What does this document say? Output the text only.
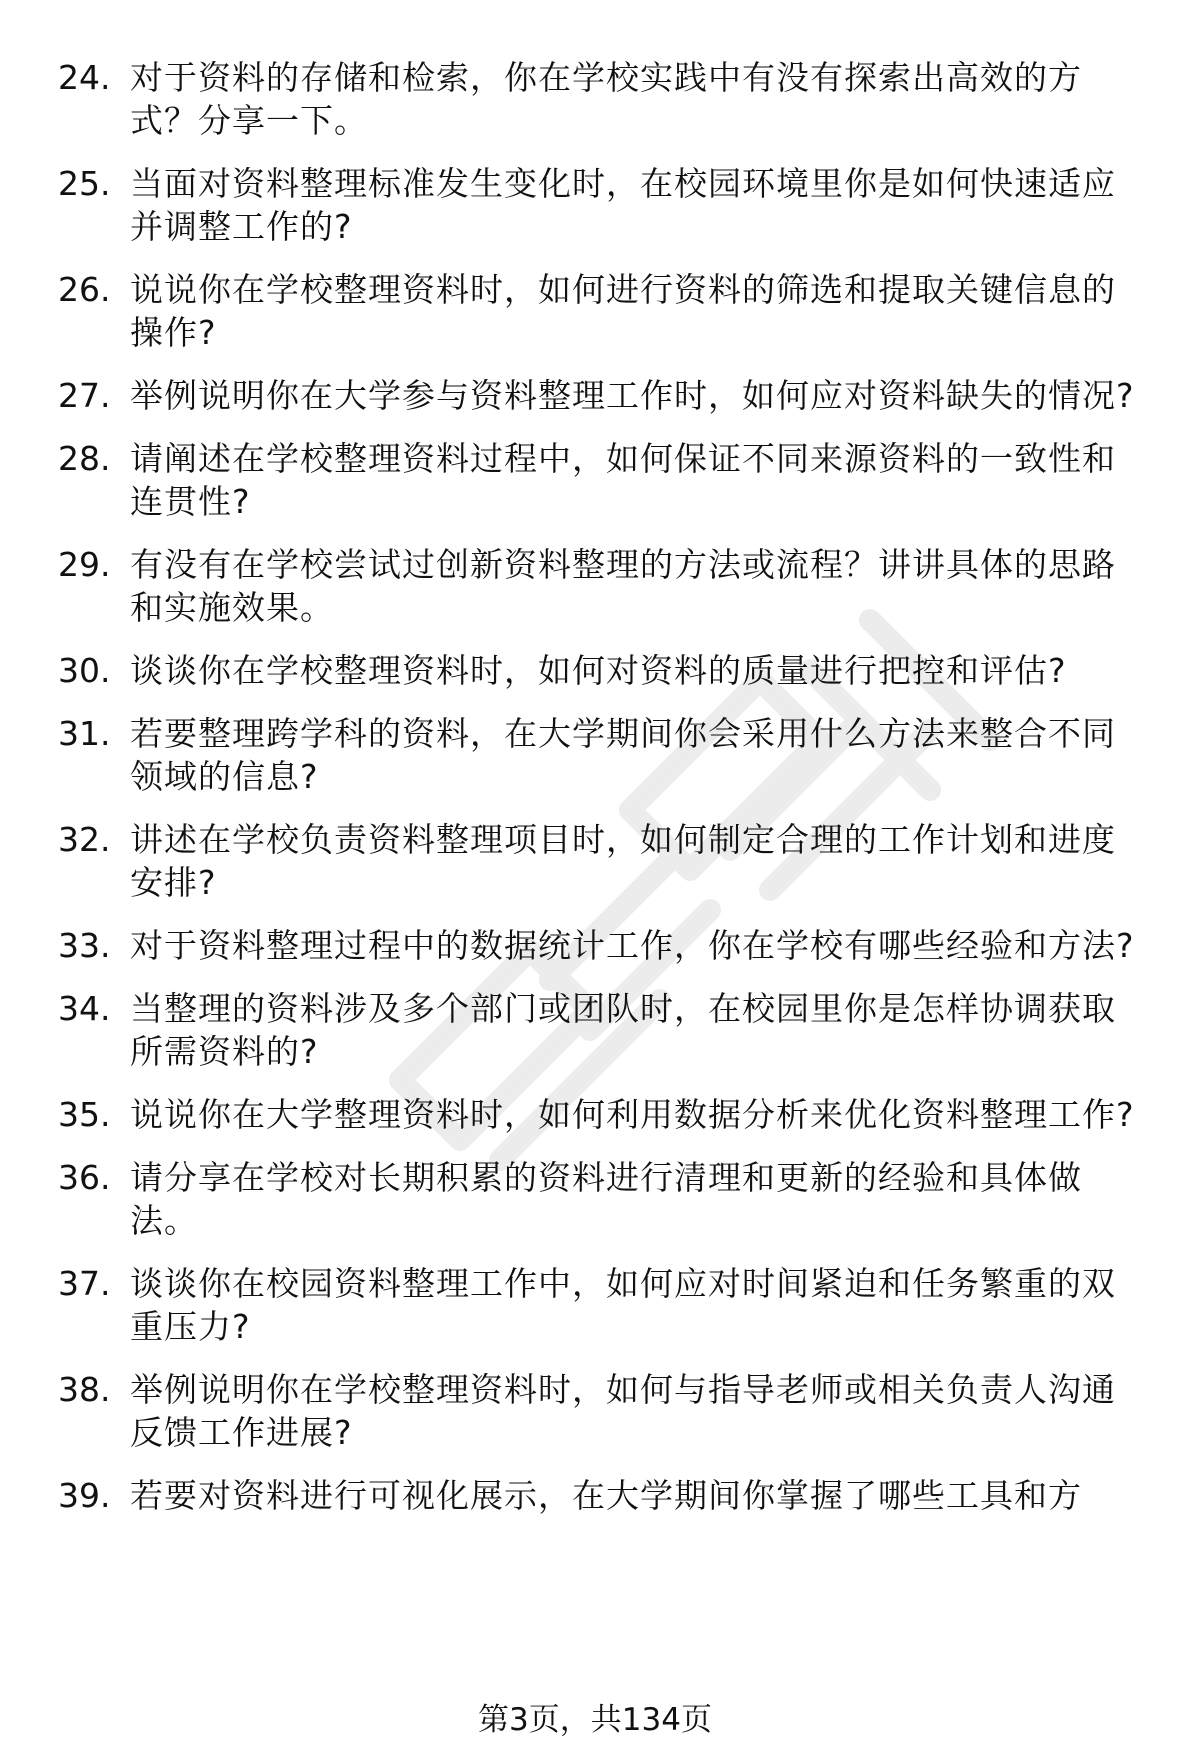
24. 对于资料的存储和检索，你在学校实践中有没有探索出高效的方式？分享一下。
25. 当面对资料整理标准发生变化时，在校园环境里你是如何快速适应并调整工作的?
26. 说说你在学校整理资料时，如何进行资料的筛选和提取关键信息的操作?
27. 举例说明你在大学参与资料整理工作时，如何应对资料缺失的情况?
28. 请阐述在学校整理资料过程中，如何保证不同来源资料的一致性和连贯性?
29. 有没有在学校尝试过创新资料整理的方法或流程？讲讲具体的思路和实施效果。
30. 谈谈你在学校整理资料时，如何对资料的质量进行把控和评估?
31. 若要整理跨学科的资料，在大学期间你会采用什么方法来整合不同领域的信息?
32. 讲述在学校负责资料整理项目时，如何制定合理的工作计划和进度安排?
33. 对于资料整理过程中的数据统计工作，你在学校有哪些经验和方法?
34. 当整理的资料涉及多个部门或团队时，在校园里你是怎样协调获取所需资料的?
35. 说说你在大学整理资料时，如何利用数据分析来优化资料整理工作?
36. 请分享在学校对长期积累的资料进行清理和更新的经验和具体做法。
37. 谈谈你在校园资料整理工作中，如何应对时间紧迫和任务繁重的双重压力?
38. 举例说明你在学校整理资料时，如何与指导老师或相关负责人沟通反馈工作进展?
39. 若要对资料进行可视化展示，在大学期间你掌握了哪些工具和方
第3页，共134页
